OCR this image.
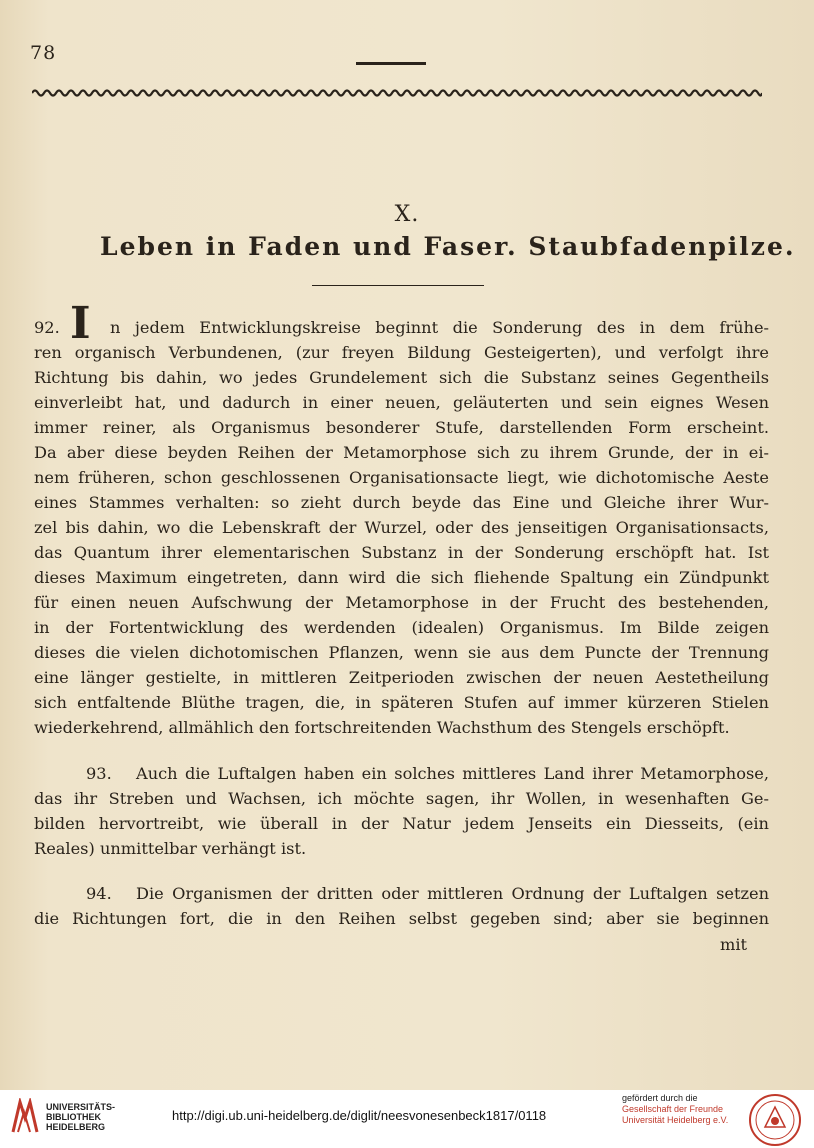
78
X.
Leben in Faden und Faser. Staubfadenpilze.
I
92.	n jedem Entwicklungskreise beginnt die Sonderung des in dem frühe-
ren organisch Verbundenen, (zur freyen Bildung Gesteigerten), und verfolgt ihre
Richtung bis dahin, wo jedes Grundelement sich die Substanz seines Gegentheils
einverleibt hat, und dadurch in einer neuen, geläuterten und sein eignes Wesen
immer reiner, als Organismus besonderer Stufe, darstellenden Form erscheint.
Da aber diese beyden Reihen der Metamorphose sich zu ihrem Grunde, der in ei-
nem früheren, schon geschlossenen Organisationsacte liegt, wie dichotomische Aeste
eines Stammes verhalten: so zieht durch beyde das Eine und Gleiche ihrer Wur-
zel bis dahin, wo die Lebenskraft der Wurzel, oder des jenseitigen Organisationsacts,
das Quantum ihrer elementarischen Substanz in der Sonderung erschöpft hat. Ist
dieses Maximum eingetreten, dann wird die sich fliehende Spaltung ein Zündpunkt
für einen neuen Aufschwung der Metamorphose in der Frucht des bestehenden,
in der Fortentwicklung des werdenden (idealen) Organismus. Im Bilde zeigen
dieses die vielen dichotomischen Pflanzen, wenn sie aus dem Puncte der Trennung
eine länger gestielte, in mittleren Zeitperioden zwischen der neuen Aestetheilung
sich entfaltende Blüthe tragen, die, in späteren Stufen auf immer kürzeren Stielen
wiederkehrend, allmählich den fortschreitenden Wachsthum des Stengels erschöpft.
93.	Auch die Luftalgen haben ein solches mittleres Land ihrer Metamorphose,
das ihr Streben und Wachsen, ich möchte sagen, ihr Wollen, in wesenhaften Ge-
bilden hervortreibt, wie überall in der Natur jedem Jenseits ein Diesseits, (ein
Reales) unmittelbar verhängt ist.
94.	Die Organismen der dritten oder mittleren Ordnung der Luftalgen setzen
die Richtungen fort, die in den Reihen selbst gegeben sind; aber sie beginnen
mit
UNIVERSITÄTS-
BIBLIOTHEK
HEIDELBERG
http://digi.ub.uni-heidelberg.de/diglit/neesvonesenbeck1817/0118
gefördert durch die
Gesellschaft der Freunde
Universität Heidelberg e.V.
